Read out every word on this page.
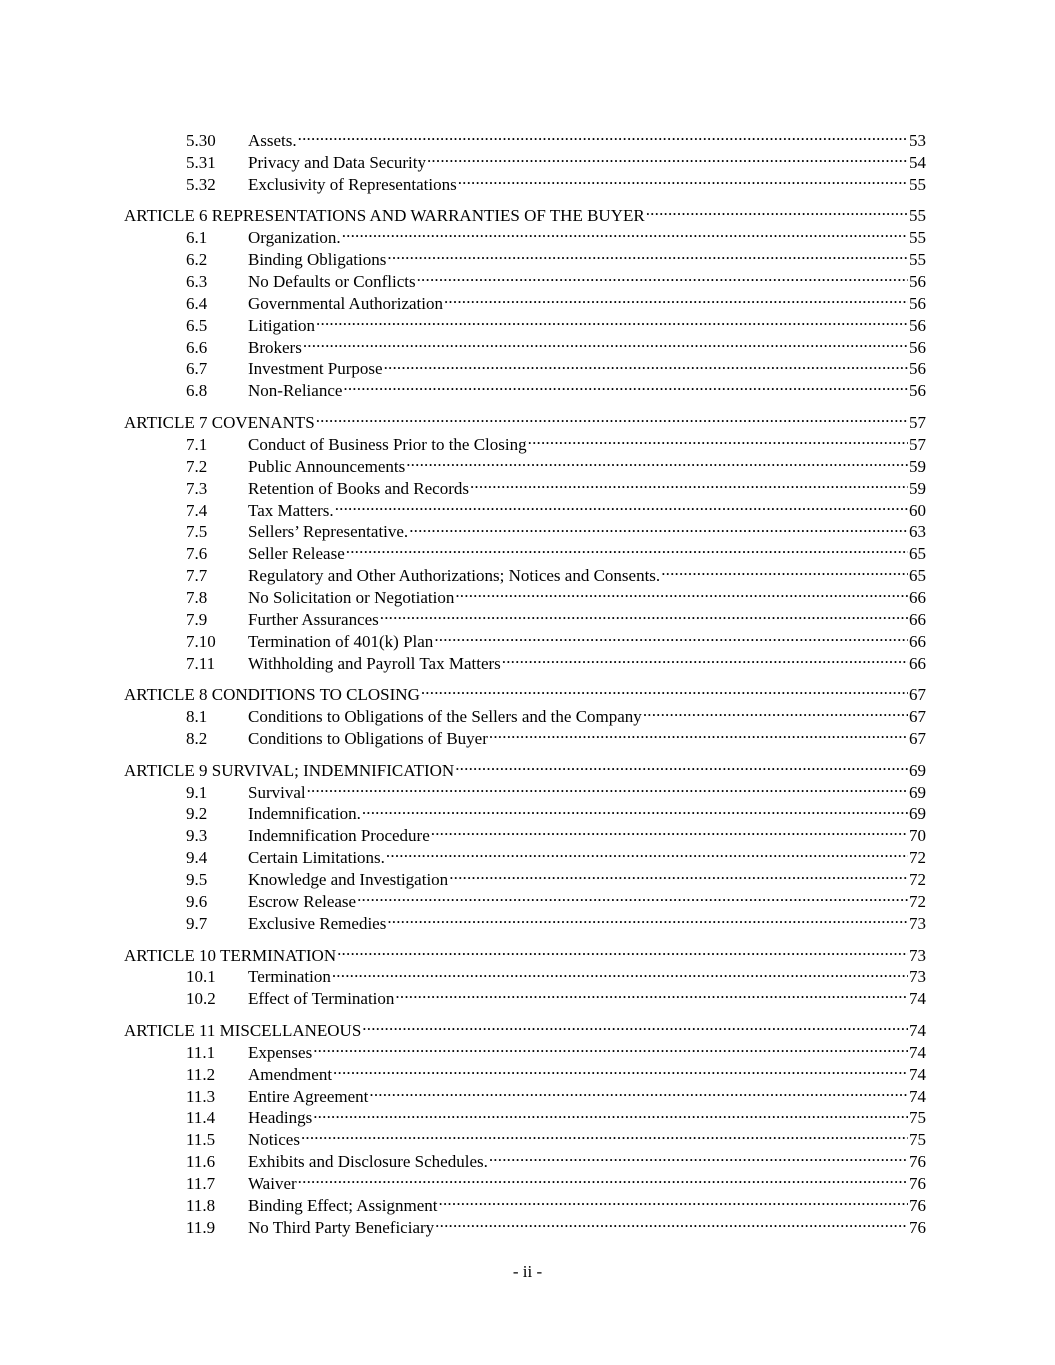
5.30	Assets. .....	53
5.31	Privacy and Data Security .....	54
5.32	Exclusivity of Representations .....	55
ARTICLE 6 REPRESENTATIONS AND WARRANTIES OF THE BUYER .....	55
6.1	Organization. .....	55
6.2	Binding Obligations .....	55
6.3	No Defaults or Conflicts .....	56
6.4	Governmental Authorization .....	56
6.5	Litigation .....	56
6.6	Brokers .....	56
6.7	Investment Purpose .....	56
6.8	Non-Reliance .....	56
ARTICLE 7 COVENANTS .....	57
7.1	Conduct of Business Prior to the Closing .....	57
7.2	Public Announcements .....	59
7.3	Retention of Books and Records .....	59
7.4	Tax Matters. .....	60
7.5	Sellers’ Representative. .....	63
7.6	Seller Release .....	65
7.7	Regulatory and Other Authorizations; Notices and Consents. .....	65
7.8	No Solicitation or Negotiation .....	66
7.9	Further Assurances .....	66
7.10	Termination of 401(k) Plan .....	66
7.11	Withholding and Payroll Tax Matters .....	66
ARTICLE 8 CONDITIONS TO CLOSING .....	67
8.1	Conditions to Obligations of the Sellers and the Company .....	67
8.2	Conditions to Obligations of Buyer .....	67
ARTICLE 9 SURVIVAL; INDEMNIFICATION .....	69
9.1	Survival .....	69
9.2	Indemnification. .....	69
9.3	Indemnification Procedure .....	70
9.4	Certain Limitations. .....	72
9.5	Knowledge and Investigation .....	72
9.6	Escrow Release .....	72
9.7	Exclusive Remedies .....	73
ARTICLE 10 TERMINATION .....	73
10.1	Termination .....	73
10.2	Effect of Termination .....	74
ARTICLE 11 MISCELLANEOUS .....	74
11.1	Expenses .....	74
11.2	Amendment .....	74
11.3	Entire Agreement .....	74
11.4	Headings .....	75
11.5	Notices .....	75
11.6	Exhibits and Disclosure Schedules. .....	76
11.7	Waiver .....	76
11.8	Binding Effect; Assignment .....	76
11.9	No Third Party Beneficiary .....	76
- ii -
